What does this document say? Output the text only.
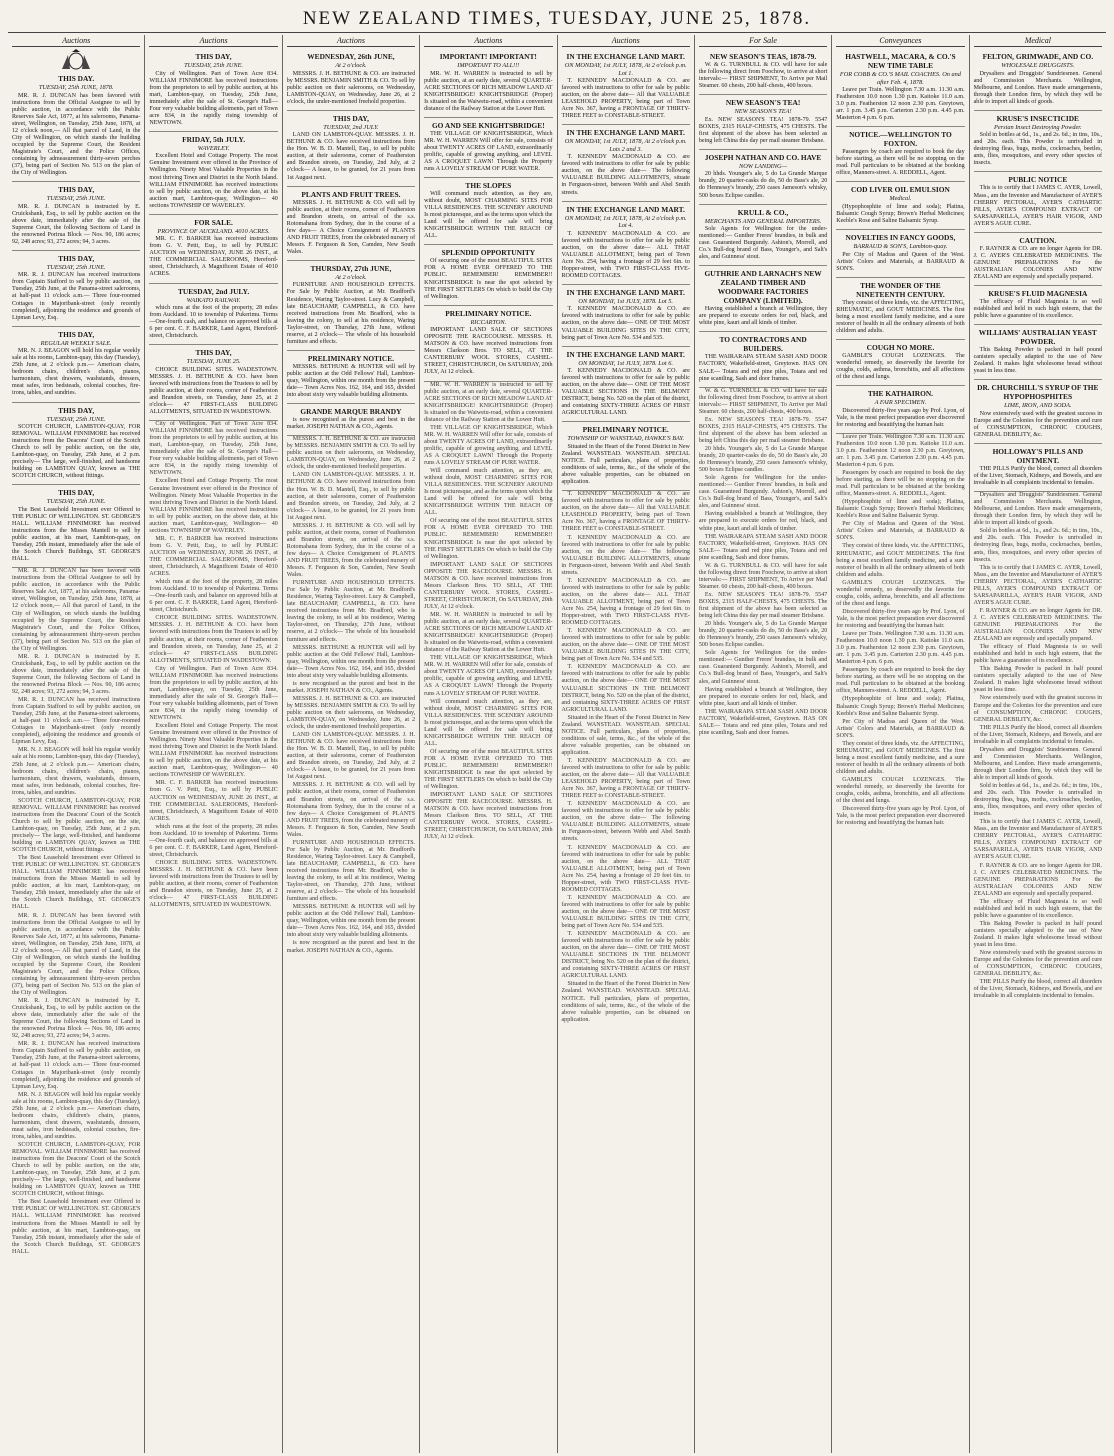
NEW ZEALAND TIMES, TUESDAY, JUNE 25, 1878.
Auctions
THIS DAY.
TUESDAY, 25th JUNE, 1878.

MR. R. J. DUNCAN has been favored with instructions from the Official Assignee to sell by public auction, in accordance with the Public Reserves Sale Act, 1877, at his salerooms, Panama-street, Wellington, on Tuesday, 25th June, 1878, at 12 o'clock noon,— All that parcel of Land, in the City of Wellington, on which stands the building occupied by the Supreme Court, the Resident Magistrate's Court, and the Police Offices, containing by admeasurement thirty-seven perches (37), being part of Section No. 513 on the plan of the City of Wellington.

THIS DAY,
TUESDAY, 25th JUNE.

MR. R. J. DUNCAN is instructed by E. Cruickshank, Esq., to sell by public auction on the above date, immediately after the sale of the Supreme Court, the following Sections of Land in the renowned Porirua Block — Nos. 90, 186 acres; 92, 248 acres; 93, 272 acres; 94, 3 acres.

THIS DAY,
TUESDAY, 25th JUNE.

MR. R. J. DUNCAN has received instructions from Captain Stafford to sell by public auction, on Tuesday, 25th June, at the Panama-street salerooms, at half-past 11 o'clock a.m.— Three four-roomed Cottages in Majoribank-street (only recently completed), adjoining the residence and grounds of Lipman Levy, Esq.

THIS DAY,
REGULAR WEEKLY SALE.

MR. N. J. BEAGON will hold his regular weekly sale at his rooms, Lambton-quay, this day (Tuesday), 25th June, at 2 o'clock p.m.— American chairs, bedroom chairs, children's chairs, pianos, harmonium, chest drawers, washstands, dressers, meat safes, iron bedsteads, colonial couches, fire-irons, tables, and sundries.

THIS DAY,
TUESDAY, 25th JUNE.

SCOTCH CHURCH, LAMBTON-QUAY, FOR REMOVAL. WILLIAM FINNIMORE has received instructions from the Deacons' Court of the Scotch Church to sell by public auction, on the site, Lambton-quay, on Tuesday, 25th June, at 2 p.m. precisely— The large, well-finished, and handsome building on LAMBTON QUAY, known as THE SCOTCH CHURCH, without fittings.

THIS DAY,
TUESDAY, 25th JUNE.

The Best Leasehold Investment ever Offered to THE PUBLIC OF WELLINGTON. ST. GEORGE'S HALL. WILLIAM FINNIMORE has received instructions from the Misses Mantell to sell by public auction, at his mart, Lambton-quay, on Tuesday, 25th instant, immediately after the sale of the Scotch Church Buildings, ST. GEORGE'S HALL.

MR. R. J. DUNCAN has been favored with instructions from the Official Assignee to sell by public auction, in accordance with the Public Reserves Sale Act, 1877, at his salerooms, Panama-street, Wellington, on Tuesday, 25th June, 1878, at 12 o'clock noon,— All that parcel of Land, in the City of Wellington, on which stands the building occupied by the Supreme Court, the Resident Magistrate's Court, and the Police Offices, containing by admeasurement thirty-seven perches (37), being part of Section No. 513 on the plan of the City of Wellington.

MR. R. J. DUNCAN is instructed by E. Cruickshank, Esq., to sell by public auction on the above date, immediately after the sale of the Supreme Court, the following Sections of Land in the renowned Porirua Block — Nos. 90, 186 acres; 92, 248 acres; 93, 272 acres; 94, 3 acres.

MR. R. J. DUNCAN has received instructions from Captain Stafford to sell by public auction, on Tuesday, 25th June, at the Panama-street salerooms, at half-past 11 o'clock a.m.— Three four-roomed Cottages in Majoribank-street (only recently completed), adjoining the residence and grounds of Lipman Levy, Esq.

MR. N. J. BEAGON will hold his regular weekly sale at his rooms, Lambton-quay, this day (Tuesday), 25th June, at 2 o'clock p.m.— American chairs, bedroom chairs, children's chairs, pianos, harmonium, chest drawers, washstands, dressers, meat safes, iron bedsteads, colonial couches, fire-irons, tables, and sundries.

SCOTCH CHURCH, LAMBTON-QUAY, FOR REMOVAL. WILLIAM FINNIMORE has received instructions from the Deacons' Court of the Scotch Church to sell by public auction, on the site, Lambton-quay, on Tuesday, 25th June, at 2 p.m. precisely— The large, well-finished, and handsome building on LAMBTON QUAY, known as THE SCOTCH CHURCH, without fittings.

The Best Leasehold Investment ever Offered to THE PUBLIC OF WELLINGTON. ST. GEORGE'S HALL. WILLIAM FINNIMORE has received instructions from the Misses Mantell to sell by public auction, at his mart, Lambton-quay, on Tuesday, 25th instant, immediately after the sale of the Scotch Church Buildings, ST. GEORGE'S HALL.

MR. R. J. DUNCAN has been favored with instructions from the Official Assignee to sell by public auction, in accordance with the Public Reserves Sale Act, 1877, at his salerooms, Panama-street, Wellington, on Tuesday, 25th June, 1878, at 12 o'clock noon,— All that parcel of Land, in the City of Wellington, on which stands the building occupied by the Supreme Court, the Resident Magistrate's Court, and the Police Offices, containing by admeasurement thirty-seven perches (37), being part of Section No. 513 on the plan of the City of Wellington.

MR. R. J. DUNCAN is instructed by E. Cruickshank, Esq., to sell by public auction on the above date, immediately after the sale of the Supreme Court, the following Sections of Land in the renowned Porirua Block — Nos. 90, 186 acres; 92, 248 acres; 93, 272 acres; 94, 3 acres.

MR. R. J. DUNCAN has received instructions from Captain Stafford to sell by public auction, on Tuesday, 25th June, at the Panama-street salerooms, at half-past 11 o'clock a.m.— Three four-roomed Cottages in Majoribank-street (only recently completed), adjoining the residence and grounds of Lipman Levy, Esq.

MR. N. J. BEAGON will hold his regular weekly sale at his rooms, Lambton-quay, this day (Tuesday), 25th June, at 2 o'clock p.m.— American chairs, bedroom chairs, children's chairs, pianos, harmonium, chest drawers, washstands, dressers, meat safes, iron bedsteads, colonial couches, fire-irons, tables, and sundries.

SCOTCH CHURCH, LAMBTON-QUAY, FOR REMOVAL. WILLIAM FINNIMORE has received instructions from the Deacons' Court of the Scotch Church to sell by public auction, on the site, Lambton-quay, on Tuesday, 25th June, at 2 p.m. precisely— The large, well-finished, and handsome building on LAMBTON QUAY, known as THE SCOTCH CHURCH, without fittings.

The Best Leasehold Investment ever Offered to THE PUBLIC OF WELLINGTON. ST. GEORGE'S HALL. WILLIAM FINNIMORE has received instructions from the Misses Mantell to sell by public auction, at his mart, Lambton-quay, on Tuesday, 25th instant, immediately after the sale of the Scotch Church Buildings, ST. GEORGE'S HALL.

Auctions
THIS DAY,
TUESDAY, 25th JUNE.

City of Wellington. Part of Town Acre 834. WILLIAM FINNIMORE has received instructions from the proprietors to sell by public auction, at his mart, Lambton-quay, on Tuesday, 25th June, immediately after the sale of St. George's Hall— Four very valuable building allotments, part of Town acre 834, in the rapidly rising township of NEWTOWN.

FRIDAY, 5th JULY.
WAVERLEY.

Excellent Hotel and Cottage Property. The most Genuine Investment ever offered in the Province of Wellington. Ninety Most Valuable Properties in the most thriving Town and District in the North Island. WILLIAM FINNIMORE has received instructions to sell by public auction, on the above date, at his auction mart, Lambton-quay, Wellington— 40 sections TOWNSHIP OF WAVERLEY.

FOR SALE.
PROVINCE OF AUCKLAND. 4010 ACRES.

MR. C. F. BARKER has received instructions from G. V. Petit, Esq., to sell by PUBLIC AUCTION on WEDNESDAY, JUNE 26 INST., at THE COMMERCIAL SALEROOMS, Hereford-street, Christchurch, A Magnificent Estate of 4010 ACRES.

TUESDAY, 2nd JULY.
WAIKATO RAILWAY.

which runs at the foot of the property, 28 miles from Auckland. 10 to township of Pukerimu. Terms—One-fourth cash, and balance on approved bills at 6 per cent. C. F. BARKER, Land Agent, Hereford-street, Christchurch.

THIS DAY,
TUESDAY, JUNE 25.

CHOICE BUILDING SITES. WADESTOWN. MESSRS. J. H. BETHUNE & CO. have been favored with instructions from the Trustees to sell by public auction, at their rooms, corner of Featherston and Brandon streets, on Tuesday, June 25, at 2 o'clock— 47 FIRST-CLASS BUILDING ALLOTMENTS, SITUATED IN WADESTOWN.

City of Wellington. Part of Town Acre 834. WILLIAM FINNIMORE has received instructions from the proprietors to sell by public auction, at his mart, Lambton-quay, on Tuesday, 25th June, immediately after the sale of St. George's Hall— Four very valuable building allotments, part of Town acre 834, in the rapidly rising township of NEWTOWN.

Excellent Hotel and Cottage Property. The most Genuine Investment ever offered in the Province of Wellington. Ninety Most Valuable Properties in the most thriving Town and District in the North Island. WILLIAM FINNIMORE has received instructions to sell by public auction, on the above date, at his auction mart, Lambton-quay, Wellington— 40 sections TOWNSHIP OF WAVERLEY.

MR. C. F. BARKER has received instructions from G. V. Petit, Esq., to sell by PUBLIC AUCTION on WEDNESDAY, JUNE 26 INST., at THE COMMERCIAL SALEROOMS, Hereford-street, Christchurch, A Magnificent Estate of 4010 ACRES.

which runs at the foot of the property, 28 miles from Auckland. 10 to township of Pukerimu. Terms—One-fourth cash, and balance on approved bills at 6 per cent. C. F. BARKER, Land Agent, Hereford-street, Christchurch.

CHOICE BUILDING SITES. WADESTOWN. MESSRS. J. H. BETHUNE & CO. have been favored with instructions from the Trustees to sell by public auction, at their rooms, corner of Featherston and Brandon streets, on Tuesday, June 25, at 2 o'clock— 47 FIRST-CLASS BUILDING ALLOTMENTS, SITUATED IN WADESTOWN.

City of Wellington. Part of Town Acre 834. WILLIAM FINNIMORE has received instructions from the proprietors to sell by public auction, at his mart, Lambton-quay, on Tuesday, 25th June, immediately after the sale of St. George's Hall— Four very valuable building allotments, part of Town acre 834, in the rapidly rising township of NEWTOWN.

Excellent Hotel and Cottage Property. The most Genuine Investment ever offered in the Province of Wellington. Ninety Most Valuable Properties in the most thriving Town and District in the North Island. WILLIAM FINNIMORE has received instructions to sell by public auction, on the above date, at his auction mart, Lambton-quay, Wellington— 40 sections TOWNSHIP OF WAVERLEY.

MR. C. F. BARKER has received instructions from G. V. Petit, Esq., to sell by PUBLIC AUCTION on WEDNESDAY, JUNE 26 INST., at THE COMMERCIAL SALEROOMS, Hereford-street, Christchurch, A Magnificent Estate of 4010 ACRES.

which runs at the foot of the property, 28 miles from Auckland. 10 to township of Pukerimu. Terms—One-fourth cash, and balance on approved bills at 6 per cent. C. F. BARKER, Land Agent, Hereford-street, Christchurch.

CHOICE BUILDING SITES. WADESTOWN. MESSRS. J. H. BETHUNE & CO. have been favored with instructions from the Trustees to sell by public auction, at their rooms, corner of Featherston and Brandon streets, on Tuesday, June 25, at 2 o'clock— 47 FIRST-CLASS BUILDING ALLOTMENTS, SITUATED IN WADESTOWN.

Auctions
WEDNESDAY, 26th JUNE,
At 2 o'clock.

MESSRS. J. H. BETHUNE & CO. are instructed by MESSRS. BENJAMIN SMITH & CO. To sell by public auction on their salerooms, on Wednesday, LAMBTON-QUAY, on Wednesday, June 26, at 2 o'clock, the under-mentioned freehold properties.

THIS DAY,
TUESDAY, 2nd JULY.

LAND ON LAMBTON-QUAY. MESSRS. J. H. BETHUNE & CO. have received instructions from the Hon. W. B. D. Mantell, Esq., to sell by public auction, at their salerooms, corner of Featherston and Brandon streets, on Tuesday, 2nd July, at 2 o'clock— A lease, to be granted, for 21 years from 1st August next.

PLANTS AND FRUIT TREES.

MESSRS. J. H. BETHUNE & CO. will sell by public auction, at their rooms, corner of Featherston and Brandon streets, on arrival of the s.s. Rotomahana from Sydney, due in the course of a few days— A Choice Consignment of PLANTS AND FRUIT TREES, from the celebrated nursery of Messrs. F. Ferguson & Son, Camden, New South Wales.

THURSDAY, 27th JUNE,
At 2 o'clock.

FURNITURE AND HOUSEHOLD EFFECTS. For Sale by Public Auction, at Mr. Bradford's Residence, Waring Taylor-street. Lucy & Campbell, late BEAUCHAMP, CAMPBELL, & CO. have received instructions from Mr. Bradford, who is leaving the colony, to sell at his residence, Waring Taylor-street, on Thursday, 27th June, without reserve, at 2 o'clock— The whole of his household furniture and effects.

PRELIMINARY NOTICE.

MESSRS. BETHUNE & HUNTER will sell by public auction at the Odd Fellows' Hall, Lambton-quay, Wellington, within one month from the present date— Town Acres Nos. 162, 164, and 165, divided into about sixty very valuable building allotments.

GRANDE MARQUE BRANDY

is now recognised as the purest and best in the market. JOSEPH NATHAN & CO., Agents.

MESSRS. J. H. BETHUNE & CO. are instructed by MESSRS. BENJAMIN SMITH & CO. To sell by public auction on their salerooms, on Wednesday, LAMBTON-QUAY, on Wednesday, June 26, at 2 o'clock, the under-mentioned freehold properties.

LAND ON LAMBTON-QUAY. MESSRS. J. H. BETHUNE & CO. have received instructions from the Hon. W. B. D. Mantell, Esq., to sell by public auction, at their salerooms, corner of Featherston and Brandon streets, on Tuesday, 2nd July, at 2 o'clock— A lease, to be granted, for 21 years from 1st August next.

MESSRS. J. H. BETHUNE & CO. will sell by public auction, at their rooms, corner of Featherston and Brandon streets, on arrival of the s.s. Rotomahana from Sydney, due in the course of a few days— A Choice Consignment of PLANTS AND FRUIT TREES, from the celebrated nursery of Messrs. F. Ferguson & Son, Camden, New South Wales.

FURNITURE AND HOUSEHOLD EFFECTS. For Sale by Public Auction, at Mr. Bradford's Residence, Waring Taylor-street. Lucy & Campbell, late BEAUCHAMP, CAMPBELL, & CO. have received instructions from Mr. Bradford, who is leaving the colony, to sell at his residence, Waring Taylor-street, on Thursday, 27th June, without reserve, at 2 o'clock— The whole of his household furniture and effects.

MESSRS. BETHUNE & HUNTER will sell by public auction at the Odd Fellows' Hall, Lambton-quay, Wellington, within one month from the present date— Town Acres Nos. 162, 164, and 165, divided into about sixty very valuable building allotments.

is now recognised as the purest and best in the market. JOSEPH NATHAN & CO., Agents.

MESSRS. J. H. BETHUNE & CO. are instructed by MESSRS. BENJAMIN SMITH & CO. To sell by public auction on their salerooms, on Wednesday, LAMBTON-QUAY, on Wednesday, June 26, at 2 o'clock, the under-mentioned freehold properties.

LAND ON LAMBTON-QUAY. MESSRS. J. H. BETHUNE & CO. have received instructions from the Hon. W. B. D. Mantell, Esq., to sell by public auction, at their salerooms, corner of Featherston and Brandon streets, on Tuesday, 2nd July, at 2 o'clock— A lease, to be granted, for 21 years from 1st August next.

MESSRS. J. H. BETHUNE & CO. will sell by public auction, at their rooms, corner of Featherston and Brandon streets, on arrival of the s.s. Rotomahana from Sydney, due in the course of a few days— A Choice Consignment of PLANTS AND FRUIT TREES, from the celebrated nursery of Messrs. F. Ferguson & Son, Camden, New South Wales.

FURNITURE AND HOUSEHOLD EFFECTS. For Sale by Public Auction, at Mr. Bradford's Residence, Waring Taylor-street. Lucy & Campbell, late BEAUCHAMP, CAMPBELL, & CO. have received instructions from Mr. Bradford, who is leaving the colony, to sell at his residence, Waring Taylor-street, on Thursday, 27th June, without reserve, at 2 o'clock— The whole of his household furniture and effects.

MESSRS. BETHUNE & HUNTER will sell by public auction at the Odd Fellows' Hall, Lambton-quay, Wellington, within one month from the present date— Town Acres Nos. 162, 164, and 165, divided into about sixty very valuable building allotments.

is now recognised as the purest and best in the market. JOSEPH NATHAN & CO., Agents.

Auctions
IMPORTANT! IMPORTANT!
IMPORTANT TO ALL!!!

MR. W. H. WARREN is instructed to sell by public auction, at an early date, several QUARTER-ACRE SECTIONS OF RICH MEADOW LAND AT KNIGHTSBRIDGE! KNIGHTSBRIDGE (Proper) Is situated on the Waiwetu-road, within a convenient distance of the Railway Station at the Lower Hutt.

GO AND SEE KNIGHTSBRIDGE!

THE VILLAGE OF KNIGHTSBRIDGE, Which MR. W. H. WARREN Will offer for sale, consists of about TWENTY ACRES OF LAND, extraordinarily prolific, capable of growing anything, and LEVEL AS A CROQUET LAWN! Through the Property runs A LOVELY STREAM OF PURE WATER.

THE SLOPES

Will command much attention, as they are, without doubt, MOST CHARMING SITES FOR VILLA RESIDENCES. THE SCENERY AROUND Is most picturesque, and as the terms upon which the Land will be offered for sale will bring KNIGHTSBRIDGE WITHIN THE REACH OF ALL.

SPLENDID OPPORTUNITY

Of securing one of the most BEAUTIFUL SITES FOR A HOME EVER OFFERED TO THE PUBLIC. REMEMBER! REMEMBER!! KNIGHTSBRIDGE Is near the spot selected by THE FIRST SETTLERS On which to build the City of Wellington.

PRELIMINARY NOTICE.
RICCARTON.

IMPORTANT LAND SALE OF SECTIONS OPPOSITE THE RACECOURSE. MESSRS. H. MATSON & CO. have received instructions from Messrs Clarkson Bros. TO SELL, AT THE CANTERBURY WOOL STORES, CASHEL-STREET, CHRISTCHURCH, On SATURDAY, 20th JULY, At 12 o'clock.

MR. W. H. WARREN is instructed to sell by public auction, at an early date, several QUARTER-ACRE SECTIONS OF RICH MEADOW LAND AT KNIGHTSBRIDGE! KNIGHTSBRIDGE (Proper) Is situated on the Waiwetu-road, within a convenient distance of the Railway Station at the Lower Hutt.

THE VILLAGE OF KNIGHTSBRIDGE, Which MR. W. H. WARREN Will offer for sale, consists of about TWENTY ACRES OF LAND, extraordinarily prolific, capable of growing anything, and LEVEL AS A CROQUET LAWN! Through the Property runs A LOVELY STREAM OF PURE WATER.

Will command much attention, as they are, without doubt, MOST CHARMING SITES FOR VILLA RESIDENCES. THE SCENERY AROUND Is most picturesque, and as the terms upon which the Land will be offered for sale will bring KNIGHTSBRIDGE WITHIN THE REACH OF ALL.

Of securing one of the most BEAUTIFUL SITES FOR A HOME EVER OFFERED TO THE PUBLIC. REMEMBER! REMEMBER!! KNIGHTSBRIDGE Is near the spot selected by THE FIRST SETTLERS On which to build the City of Wellington.

IMPORTANT LAND SALE OF SECTIONS OPPOSITE THE RACECOURSE. MESSRS. H. MATSON & CO. have received instructions from Messrs Clarkson Bros. TO SELL, AT THE CANTERBURY WOOL STORES, CASHEL-STREET, CHRISTCHURCH, On SATURDAY, 20th JULY, At 12 o'clock.

MR. W. H. WARREN is instructed to sell by public auction, at an early date, several QUARTER-ACRE SECTIONS OF RICH MEADOW LAND AT KNIGHTSBRIDGE! KNIGHTSBRIDGE (Proper) Is situated on the Waiwetu-road, within a convenient distance of the Railway Station at the Lower Hutt.

THE VILLAGE OF KNIGHTSBRIDGE, Which MR. W. H. WARREN Will offer for sale, consists of about TWENTY ACRES OF LAND, extraordinarily prolific, capable of growing anything, and LEVEL AS A CROQUET LAWN! Through the Property runs A LOVELY STREAM OF PURE WATER.

Will command much attention, as they are, without doubt, MOST CHARMING SITES FOR VILLA RESIDENCES. THE SCENERY AROUND Is most picturesque, and as the terms upon which the Land will be offered for sale will bring KNIGHTSBRIDGE WITHIN THE REACH OF ALL.

Of securing one of the most BEAUTIFUL SITES FOR A HOME EVER OFFERED TO THE PUBLIC. REMEMBER! REMEMBER!! KNIGHTSBRIDGE Is near the spot selected by THE FIRST SETTLERS On which to build the City of Wellington.

IMPORTANT LAND SALE OF SECTIONS OPPOSITE THE RACECOURSE. MESSRS. H. MATSON & CO. have received instructions from Messrs Clarkson Bros. TO SELL, AT THE CANTERBURY WOOL STORES, CASHEL-STREET, CHRISTCHURCH, On SATURDAY, 20th JULY, At 12 o'clock.

Auctions
IN THE EXCHANGE LAND MART.
ON MONDAY, 1st JULY, 1878, At 2 o'clock p.m. Lot 1.

T. KENNEDY MACDONALD & CO. are favored with instructions to offer for sale by public auction, on the above date— All that VALUABLE LEASEHOLD PROPERTY, being part of Town Acre No. 367, having a FRONTAGE OF THIRTY-THREE FEET to CONSTABLE-STREET.

IN THE EXCHANGE LAND MART.
ON MONDAY, 1st JULY, 1878, At 2 o'clock p.m. Lots 2 and 3.

T. KENNEDY MACDONALD & CO. are favored with instructions to offer for sale by public auction, on the above date— The following VALUABLE BUILDING ALLOTMENTS, situate in Ferguson-street, between Webb and Abel Smith streets.

IN THE EXCHANGE LAND MART.
ON MONDAY, 1st JULY, 1878, At 2 o'clock p.m. Lot 4.

T. KENNEDY MACDONALD & CO. are favored with instructions to offer for sale by public auction, on the above date— ALL THAT VALUABLE ALLOTMENT, being part of Town Acre No. 254, having a frontage of 29 feet 6in. to Hopper-street, with TWO FIRST-CLASS FIVE-ROOMED COTTAGES.

IN THE EXCHANGE LAND MART.
ON MONDAY, 1st JULY, 1878. Lot 5.

T. KENNEDY MACDONALD & CO. are favored with instructions to offer for sale by public auction, on the above date— ONE OF THE MOST VALUABLE BUILDING SITES IN THE CITY, being part of Town Acre No. 534 and 535.

IN THE EXCHANGE LAND MART.
ON MONDAY, 1st JULY, 1878. Lot 6.

T. KENNEDY MACDONALD & CO. are favored with instructions to offer for sale by public auction, on the above date— ONE OF THE MOST VALUABLE SECTIONS IN THE BELMONT DISTRICT, being No. 520 on the plan of the district, and containing SIXTY-THREE ACRES OF FIRST AGRICULTURAL LAND.

PRELIMINARY NOTICE.
TOWNSHIP OF WANSTEAD, HAWKE'S BAY.

Situated in the Heart of the Forest District in New Zealand. WANSTEAD. WANSTEAD. SPECIAL NOTICE. Full particulars, plans of properties, conditions of sale, terms, &c., of the whole of the above valuable properties, can be obtained on application.

T. KENNEDY MACDONALD & CO. are favored with instructions to offer for sale by public auction, on the above date— All that VALUABLE LEASEHOLD PROPERTY, being part of Town Acre No. 367, having a FRONTAGE OF THIRTY-THREE FEET to CONSTABLE-STREET.

T. KENNEDY MACDONALD & CO. are favored with instructions to offer for sale by public auction, on the above date— The following VALUABLE BUILDING ALLOTMENTS, situate in Ferguson-street, between Webb and Abel Smith streets.

T. KENNEDY MACDONALD & CO. are favored with instructions to offer for sale by public auction, on the above date— ALL THAT VALUABLE ALLOTMENT, being part of Town Acre No. 254, having a frontage of 29 feet 6in. to Hopper-street, with TWO FIRST-CLASS FIVE-ROOMED COTTAGES.

T. KENNEDY MACDONALD & CO. are favored with instructions to offer for sale by public auction, on the above date— ONE OF THE MOST VALUABLE BUILDING SITES IN THE CITY, being part of Town Acre No. 534 and 535.

T. KENNEDY MACDONALD & CO. are favored with instructions to offer for sale by public auction, on the above date— ONE OF THE MOST VALUABLE SECTIONS IN THE BELMONT DISTRICT, being No. 520 on the plan of the district, and containing SIXTY-THREE ACRES OF FIRST AGRICULTURAL LAND.

Situated in the Heart of the Forest District in New Zealand. WANSTEAD. WANSTEAD. SPECIAL NOTICE. Full particulars, plans of properties, conditions of sale, terms, &c., of the whole of the above valuable properties, can be obtained on application.

T. KENNEDY MACDONALD & CO. are favored with instructions to offer for sale by public auction, on the above date— All that VALUABLE LEASEHOLD PROPERTY, being part of Town Acre No. 367, having a FRONTAGE OF THIRTY-THREE FEET to CONSTABLE-STREET.

T. KENNEDY MACDONALD & CO. are favored with instructions to offer for sale by public auction, on the above date— The following VALUABLE BUILDING ALLOTMENTS, situate in Ferguson-street, between Webb and Abel Smith streets.

T. KENNEDY MACDONALD & CO. are favored with instructions to offer for sale by public auction, on the above date— ALL THAT VALUABLE ALLOTMENT, being part of Town Acre No. 254, having a frontage of 29 feet 6in. to Hopper-street, with TWO FIRST-CLASS FIVE-ROOMED COTTAGES.

T. KENNEDY MACDONALD & CO. are favored with instructions to offer for sale by public auction, on the above date— ONE OF THE MOST VALUABLE BUILDING SITES IN THE CITY, being part of Town Acre No. 534 and 535.

T. KENNEDY MACDONALD & CO. are favored with instructions to offer for sale by public auction, on the above date— ONE OF THE MOST VALUABLE SECTIONS IN THE BELMONT DISTRICT, being No. 520 on the plan of the district, and containing SIXTY-THREE ACRES OF FIRST AGRICULTURAL LAND.

Situated in the Heart of the Forest District in New Zealand. WANSTEAD. WANSTEAD. SPECIAL NOTICE. Full particulars, plans of properties, conditions of sale, terms, &c., of the whole of the above valuable properties, can be obtained on application.

For Sale
NEW SEASON'S TEAS, 1878-79.

W. & G. TURNBULL & CO. will have for sale the following direct from Foochow, to arrive at short intervals:— FIRST SHIPMENT, To Arrive per Mail Steamer. 60 chests, 200 half-chests, 400 boxes.

NEW SEASON'S TEA!
NEW SEASON'S TEA!

Ex. NEW SEASON'S TEA! 1878-79. 5547 BOXES, 2315 HALF-CHESTS, 475 CHESTS. The first shipment of the above has been selected as being left China this day per mail steamer Brisbane.

JOSEPH NATHAN AND CO. HAVE
NOW LANDING—

20 hhds. Younger's ale, 5 do La Grande Marque brandy, 20 quarter-casks do do, 50 do Bass's ale, 20 do Hennessy's brandy, 250 cases Jameson's whisky, 500 boxes Eclipse candles.

KRULL & CO.,
MERCHANTS AND GENERAL IMPORTERS.

Sole Agents for Wellington for the under-mentioned:— Gunther Freres' brandies, in bulk and case. Guaranteed Burgundy. Ashton's, Morrell, and Co.'s Bull-dog brand of Bass, Younger's, and Salt's ales, and Guinness' stout.

GUTHRIE AND LARNACH'S NEW ZEALAND TIMBER AND WOODWARE FACTORIES COMPANY (LIMITED).

Having established a branch at Wellington, they are prepared to execute orders for red, black, and white pine, kauri and all kinds of timber.

TO CONTRACTORS AND BUILDERS.

THE WAIRARAPA STEAM SASH AND DOOR FACTORY, Wakefield-street, Greytown. HAS ON SALE— Totara and red pine piles, Totara and red pine scantling, Sash and door frames.

W. & G. TURNBULL & CO. will have for sale the following direct from Foochow, to arrive at short intervals:— FIRST SHIPMENT, To Arrive per Mail Steamer. 60 chests, 200 half-chests, 400 boxes.

Ex. NEW SEASON'S TEA! 1878-79. 5547 BOXES, 2315 HALF-CHESTS, 475 CHESTS. The first shipment of the above has been selected as being left China this day per mail steamer Brisbane.

20 hhds. Younger's ale, 5 do La Grande Marque brandy, 20 quarter-casks do do, 50 do Bass's ale, 20 do Hennessy's brandy, 250 cases Jameson's whisky, 500 boxes Eclipse candles.

Sole Agents for Wellington for the under-mentioned:— Gunther Freres' brandies, in bulk and case. Guaranteed Burgundy. Ashton's, Morrell, and Co.'s Bull-dog brand of Bass, Younger's, and Salt's ales, and Guinness' stout.

Having established a branch at Wellington, they are prepared to execute orders for red, black, and white pine, kauri and all kinds of timber.

THE WAIRARAPA STEAM SASH AND DOOR FACTORY, Wakefield-street, Greytown. HAS ON SALE— Totara and red pine piles, Totara and red pine scantling, Sash and door frames.

W. & G. TURNBULL & CO. will have for sale the following direct from Foochow, to arrive at short intervals:— FIRST SHIPMENT, To Arrive per Mail Steamer. 60 chests, 200 half-chests, 400 boxes.

Ex. NEW SEASON'S TEA! 1878-79. 5547 BOXES, 2315 HALF-CHESTS, 475 CHESTS. The first shipment of the above has been selected as being left China this day per mail steamer Brisbane.

20 hhds. Younger's ale, 5 do La Grande Marque brandy, 20 quarter-casks do do, 50 do Bass's ale, 20 do Hennessy's brandy, 250 cases Jameson's whisky, 500 boxes Eclipse candles.

Sole Agents for Wellington for the under-mentioned:— Gunther Freres' brandies, in bulk and case. Guaranteed Burgundy. Ashton's, Morrell, and Co.'s Bull-dog brand of Bass, Younger's, and Salt's ales, and Guinness' stout.

Having established a branch at Wellington, they are prepared to execute orders for red, black, and white pine, kauri and all kinds of timber.

THE WAIRARAPA STEAM SASH AND DOOR FACTORY, Wakefield-street, Greytown. HAS ON SALE— Totara and red pine piles, Totara and red pine scantling, Sash and door frames.

Conveyances
HASTWELL, MACARA, & CO.'S NEW TIME TABLE
FOR COBB & CO.'S MAIL COACHES. On and after Feb. 4, 1878.

Leave per Train. Wellington 7.30 a.m. 11.30 a.m. Featherston 10.0 noon 1.30 p.m. Kaitoke 11.0 a.m. 3.0 p.m. Featherston 12 noon 2.30 p.m. Greytown, arr. 1 p.m. 3.45 p.m. Carterton 2.30 p.m. 4.45 p.m. Masterton 4 p.m. 6 p.m.

NOTICE.—WELLINGTON TO FOXTON.

Passengers by coach are required to book the day before starting, as there will be no stopping on the road. Full particulars to be obtained at the booking office, Manners-street. A. REDDELL, Agent.

COD LIVER OIL EMULSION
Medical.

(Hypophosphite of lime and soda); Platina, Balsamic Cough Syrup; Brown's Herbal Medicines; Keeble's Rose and Saline Balsamic Syrup.

NOVELTIES IN FANCY GOODS,
BARRAUD & SON'S, Lambton-quay.

Per City of Madras and Queen of the West. Artists' Colors and Materials, at BARRAUD & SON'S.

THE WONDER OF THE NINETEENTH CENTURY.

They consist of three kinds, viz. the AFFECTING, RHEUMATIC, and GOUT MEDICINES. The first being a most excellent family medicine, and a sure restorer of health in all the ordinary ailments of both children and adults.

COUGH NO MORE.

GAMBLE'S COUGH LOZENGES. The wonderful remedy, so deservedly the favorite for coughs, colds, asthma, bronchitis, and all affections of the chest and lungs.

THE KATHAIRON.
A FAIR SPECIMEN.

Discovered thirty-five years ago by Prof. Lyon, of Yale, is the most perfect preparation ever discovered for restoring and beautifying the human hair.

Leave per Train. Wellington 7.30 a.m. 11.30 a.m. Featherston 10.0 noon 1.30 p.m. Kaitoke 11.0 a.m. 3.0 p.m. Featherston 12 noon 2.30 p.m. Greytown, arr. 1 p.m. 3.45 p.m. Carterton 2.30 p.m. 4.45 p.m. Masterton 4 p.m. 6 p.m.

Passengers by coach are required to book the day before starting, as there will be no stopping on the road. Full particulars to be obtained at the booking office, Manners-street. A. REDDELL, Agent.

(Hypophosphite of lime and soda); Platina, Balsamic Cough Syrup; Brown's Herbal Medicines; Keeble's Rose and Saline Balsamic Syrup.

Per City of Madras and Queen of the West. Artists' Colors and Materials, at BARRAUD & SON'S.

They consist of three kinds, viz. the AFFECTING, RHEUMATIC, and GOUT MEDICINES. The first being a most excellent family medicine, and a sure restorer of health in all the ordinary ailments of both children and adults.

GAMBLE'S COUGH LOZENGES. The wonderful remedy, so deservedly the favorite for coughs, colds, asthma, bronchitis, and all affections of the chest and lungs.

Discovered thirty-five years ago by Prof. Lyon, of Yale, is the most perfect preparation ever discovered for restoring and beautifying the human hair.

Leave per Train. Wellington 7.30 a.m. 11.30 a.m. Featherston 10.0 noon 1.30 p.m. Kaitoke 11.0 a.m. 3.0 p.m. Featherston 12 noon 2.30 p.m. Greytown, arr. 1 p.m. 3.45 p.m. Carterton 2.30 p.m. 4.45 p.m. Masterton 4 p.m. 6 p.m.

Passengers by coach are required to book the day before starting, as there will be no stopping on the road. Full particulars to be obtained at the booking office, Manners-street. A. REDDELL, Agent.

(Hypophosphite of lime and soda); Platina, Balsamic Cough Syrup; Brown's Herbal Medicines; Keeble's Rose and Saline Balsamic Syrup.

Per City of Madras and Queen of the West. Artists' Colors and Materials, at BARRAUD & SON'S.

They consist of three kinds, viz. the AFFECTING, RHEUMATIC, and GOUT MEDICINES. The first being a most excellent family medicine, and a sure restorer of health in all the ordinary ailments of both children and adults.

GAMBLE'S COUGH LOZENGES. The wonderful remedy, so deservedly the favorite for coughs, colds, asthma, bronchitis, and all affections of the chest and lungs.

Discovered thirty-five years ago by Prof. Lyon, of Yale, is the most perfect preparation ever discovered for restoring and beautifying the human hair.

Medical
FELTON, GRIMWADE, AND CO.
WHOLESALE DRUGGISTS.

Drysalters and Druggists' Sundriesmen. General and Commission Merchants. Wellington, Melbourne, and London. Have made arrangements, through their London firm, by which they will be able to import all kinds of goods.

KRUSE'S INSECTICIDE
Persian Insect Destroying Powder.

Sold in bottles at 6d., 1s., and 2s. 6d.; in tins, 10s., and 20s. each. This Powder is unrivalled in destroying fleas, bugs, moths, cockroaches, beetles, ants, flies, mosquitoes, and every other species of insects.

PUBLIC NOTICE

This is to certify that I JAMES C. AYER, Lowell, Mass., am the Inventor and Manufacturer of AYER'S CHERRY PECTORAL, AYER'S CATHARTIC PILLS, AYER'S COMPOUND EXTRACT OF SARSAPARILLA, AYER'S HAIR VIGOR, AND AYER'S AGUE CURE.

CAUTION.

F. RAYNER & CO. are no longer Agents for DR. J. C. AYER'S CELEBRATED MEDICINES. The GENUINE PREPARATIONS For the AUSTRALIAN COLONIES AND NEW ZEALAND are expressly and specially prepared.

KRUSE'S FLUID MAGNESIA

The efficacy of Fluid Magnesia is so well established and held in such high esteem, that the public have a guarantee of its excellence.

WILLIAMS' AUSTRALIAN YEAST POWDER.

This Baking Powder is packed in half pound canisters specially adapted to the use of New Zealand. It makes light wholesome bread without yeast in less time.

DR. CHURCHILL'S SYRUP OF THE HYPOPHOSPHITES
LIME, IRON, AND SODA.

Now extensively used with the greatest success in Europe and the Colonies for the prevention and cure of CONSUMPTION, CHRONIC COUGHS, GENERAL DEBILITY, &c.

HOLLOWAY'S PILLS AND OINTMENT.

THE PILLS Purify the blood, correct all disorders of the Liver, Stomach, Kidneys, and Bowels, and are invaluable in all complaints incidental to females.

Drysalters and Druggists' Sundriesmen. General and Commission Merchants. Wellington, Melbourne, and London. Have made arrangements, through their London firm, by which they will be able to import all kinds of goods.

Sold in bottles at 6d., 1s., and 2s. 6d.; in tins, 10s., and 20s. each. This Powder is unrivalled in destroying fleas, bugs, moths, cockroaches, beetles, ants, flies, mosquitoes, and every other species of insects.

This is to certify that I JAMES C. AYER, Lowell, Mass., am the Inventor and Manufacturer of AYER'S CHERRY PECTORAL, AYER'S CATHARTIC PILLS, AYER'S COMPOUND EXTRACT OF SARSAPARILLA, AYER'S HAIR VIGOR, AND AYER'S AGUE CURE.

F. RAYNER & CO. are no longer Agents for DR. J. C. AYER'S CELEBRATED MEDICINES. The GENUINE PREPARATIONS For the AUSTRALIAN COLONIES AND NEW ZEALAND are expressly and specially prepared.

The efficacy of Fluid Magnesia is so well established and held in such high esteem, that the public have a guarantee of its excellence.

This Baking Powder is packed in half pound canisters specially adapted to the use of New Zealand. It makes light wholesome bread without yeast in less time.

Now extensively used with the greatest success in Europe and the Colonies for the prevention and cure of CONSUMPTION, CHRONIC COUGHS, GENERAL DEBILITY, &c.

THE PILLS Purify the blood, correct all disorders of the Liver, Stomach, Kidneys, and Bowels, and are invaluable in all complaints incidental to females.

Drysalters and Druggists' Sundriesmen. General and Commission Merchants. Wellington, Melbourne, and London. Have made arrangements, through their London firm, by which they will be able to import all kinds of goods.

Sold in bottles at 6d., 1s., and 2s. 6d.; in tins, 10s., and 20s. each. This Powder is unrivalled in destroying fleas, bugs, moths, cockroaches, beetles, ants, flies, mosquitoes, and every other species of insects.

This is to certify that I JAMES C. AYER, Lowell, Mass., am the Inventor and Manufacturer of AYER'S CHERRY PECTORAL, AYER'S CATHARTIC PILLS, AYER'S COMPOUND EXTRACT OF SARSAPARILLA, AYER'S HAIR VIGOR, AND AYER'S AGUE CURE.

F. RAYNER & CO. are no longer Agents for DR. J. C. AYER'S CELEBRATED MEDICINES. The GENUINE PREPARATIONS For the AUSTRALIAN COLONIES AND NEW ZEALAND are expressly and specially prepared.

The efficacy of Fluid Magnesia is so well established and held in such high esteem, that the public have a guarantee of its excellence.

This Baking Powder is packed in half pound canisters specially adapted to the use of New Zealand. It makes light wholesome bread without yeast in less time.

Now extensively used with the greatest success in Europe and the Colonies for the prevention and cure of CONSUMPTION, CHRONIC COUGHS, GENERAL DEBILITY, &c.

THE PILLS Purify the blood, correct all disorders of the Liver, Stomach, Kidneys, and Bowels, and are invaluable in all complaints incidental to females.
